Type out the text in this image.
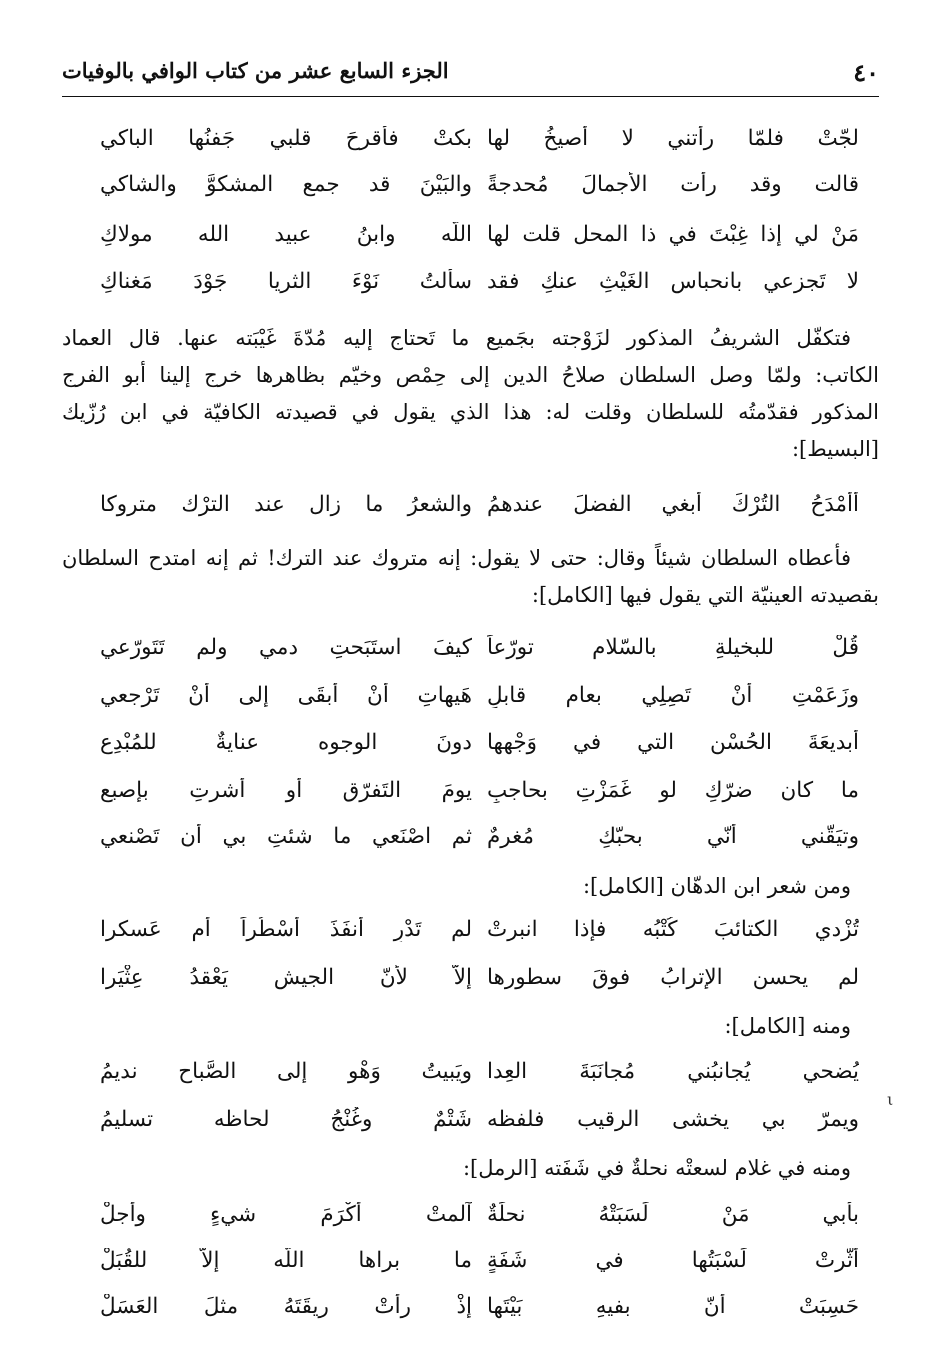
٤٠
الجزء السابع عشر من كتاب الوافي بالوفيات
لجّتْ فلمّا رأتني لا أصيخُ لها
بكتْ فأقرحَ قلبي جَفنُها الباكي
قالت وقد رأت الأجمالَ مُحدجةً
والبَيْنَ قد جمع المشكوَّ والشاكي
مَنْ لي إذا غِبْتَ في ذا المحل قلت لها
اللّه وابنُ عبيد الله مولاكِ
لا تَجزعي بانحباسِ الغَيْثِ عنكِ فقد
سألتُ نَوْءَ الثريا جَوْدَ مَغناكِ
فتكفّل الشريفُ المذكور لزَوْجته بجَميع ما تَحتاج إليه مُدّةَ غَيْبَته عنها. قال العماد
الكاتب: ولمّا وصل السلطان صلاحُ الدين إلى حِمْص وخيّم بظاهرها خرج إلينا أبو الفرج
المذكور فقدّمتُه للسلطان وقلت له: هذا الذي يقول في قصيدته الكافيّة في ابن رُزّيك
[البسيط]:
أأمْدَحُ التُرْكَ أبغي الفضلَ عندهمُ
والشعرُ ما زال عند الترْك متروكا
فأعطاه السلطان شيئاً وقال: حتى لا يقول: إنه متروك عند الترك! ثم إنه امتدح السلطان
بقصيدته العينيّة التي يقول فيها [الكامل]:
قُلْ للبخيلةِ بالسّلامِ تورّعاً
كيفَ استَبَحتِ دمي ولم تَتَورّعي
وزَعَمْتِ أنْ تَصِلِي بعامٍ قابلٍ
هَيهاتِ أنْ أبقَى إلى أنْ تَرْجعي
أبديعَةَ الحُسْنِ التي في وَجْهها
دونَ الوجوه عنايةٌ للمُبْدِعِ
ما كان ضرّكِ لو غَمَزْتِ بحاجبٍ
يومَ التَفرّقِ أو أشرتِ بإصبعِ
وتيَقّني أنّي بحبّكِ مُغرمٌ
ثم اصْنَعي ما شئتِ بي أن تَصْنعي
ومن شعر ابن الدهّان [الكامل]:
تُزْدي الكتائبَ كُتْبُه فإذا انبرتْ
لم تَدْرِ أنفَذَ أسْطُراً أم عَسكرا
لم يحسنِ الإترابُ فوقَ سطورها
إلاّ لأنّ الجيش يَعْقدُ عِثْيَرا
ومنه [الكامل]:
يُضحي يُجانبُني مُجانَبَةَ العِدا
ويَبيتُ وَهْو إلى الصَّباح نديمُ
ويمرّ بي يخشى الرقيب فلفظه
شَتْمٌ وغُنْجُ لحاظه تسليمُ
ι
ومنه في غلام لسعتْه نحلةٌ في شَفَته [الرمل]:
بأبي مَنْ لَسَبَتْهُ نحلَةٌ
آلمتْ أكْرَمَ شيءٍ وأجلْ
أثّرتْ لَسْبَتُها في شَفَةٍ
ما براها اللّه إلاّ للقُبَلْ
حَسِبَتْ أنّ بفيهِ بَيْتَها
إذْ رأتْ ريقَتَهُ مثلَ العَسَلْ
